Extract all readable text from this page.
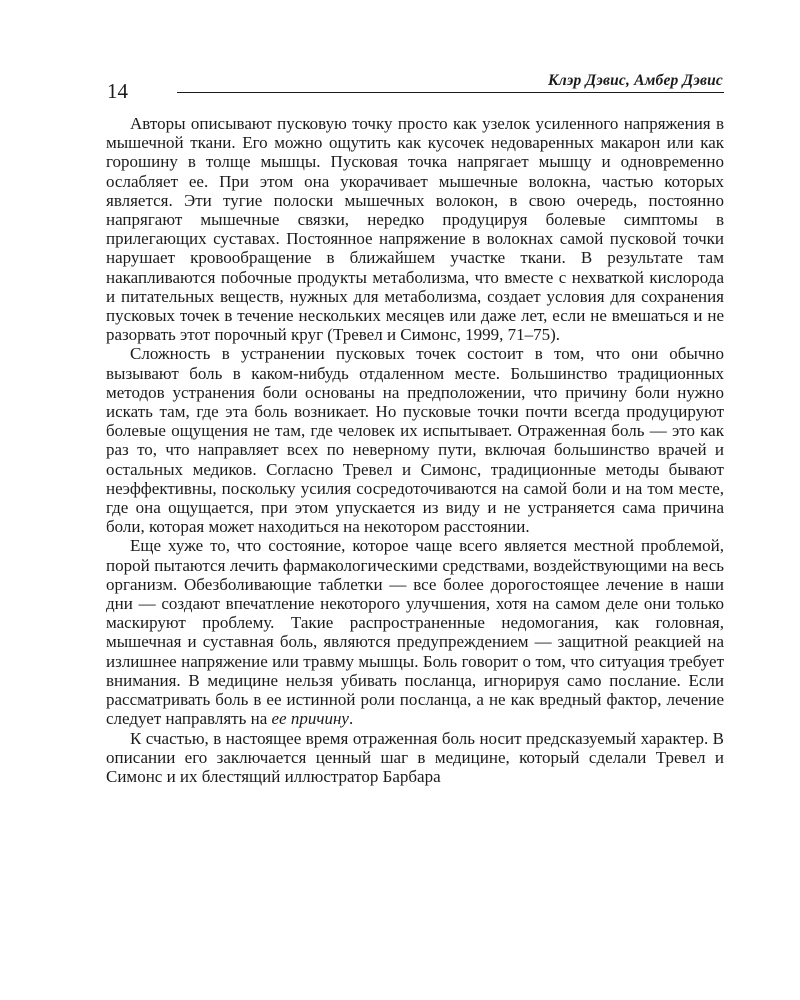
14	Клэр Дэвис, Амбер Дэвис

Авторы описывают пусковую точку просто как узелок усиленного напряжения в мышечной ткани. Его можно ощутить как кусочек недоваренных макарон или как горошину в толще мышцы. Пусковая точка напрягает мышцу и одновременно ослабляет ее. При этом она укорачивает мышечные волокна, частью которых является. Эти тугие полоски мышечных волокон, в свою очередь, постоянно напрягают мышечные связки, нередко продуцируя болевые симптомы в прилегающих суставах. Постоянное напряжение в волокнах самой пусковой точки нарушает кровообращение в ближайшем участке ткани. В результате там накапливаются побочные продукты метаболизма, что вместе с нехваткой кислорода и питательных веществ, нужных для метаболизма, создает условия для сохранения пусковых точек в течение нескольких месяцев или даже лет, если не вмешаться и не разорвать этот порочный круг (Тревел и Симонс, 1999, 71–75).

Сложность в устранении пусковых точек состоит в том, что они обычно вызывают боль в каком-нибудь отдаленном месте. Большинство традиционных методов устранения боли основаны на предположении, что причину боли нужно искать там, где эта боль возникает. Но пусковые точки почти всегда продуцируют болевые ощущения не там, где человек их испытывает. Отраженная боль — это как раз то, что направляет всех по неверному пути, включая большинство врачей и остальных медиков. Согласно Тревел и Симонс, традиционные методы бывают неэффективны, поскольку усилия сосредоточиваются на самой боли и на том месте, где она ощущается, при этом упускается из виду и не устраняется сама причина боли, которая может находиться на некотором расстоянии.

Еще хуже то, что состояние, которое чаще всего является местной проблемой, порой пытаются лечить фармакологическими средствами, воздействующими на весь организм. Обезболивающие таблетки — все более дорогостоящее лечение в наши дни — создают впечатление некоторого улучшения, хотя на самом деле они только маскируют проблему. Такие распространенные недомогания, как головная, мышечная и суставная боль, являются предупреждением — защитной реакцией на излишнее напряжение или травму мышцы. Боль говорит о том, что ситуация требует внимания. В медицине нельзя убивать посланца, игнорируя само послание. Если рассматривать боль в ее истинной роли посланца, а не как вредный фактор, лечение следует направлять на ее причину.

К счастью, в настоящее время отраженная боль носит предсказуемый характер. В описании его заключается ценный шаг в медицине, который сделали Тревел и Симонс и их блестящий иллюстратор Барбара
